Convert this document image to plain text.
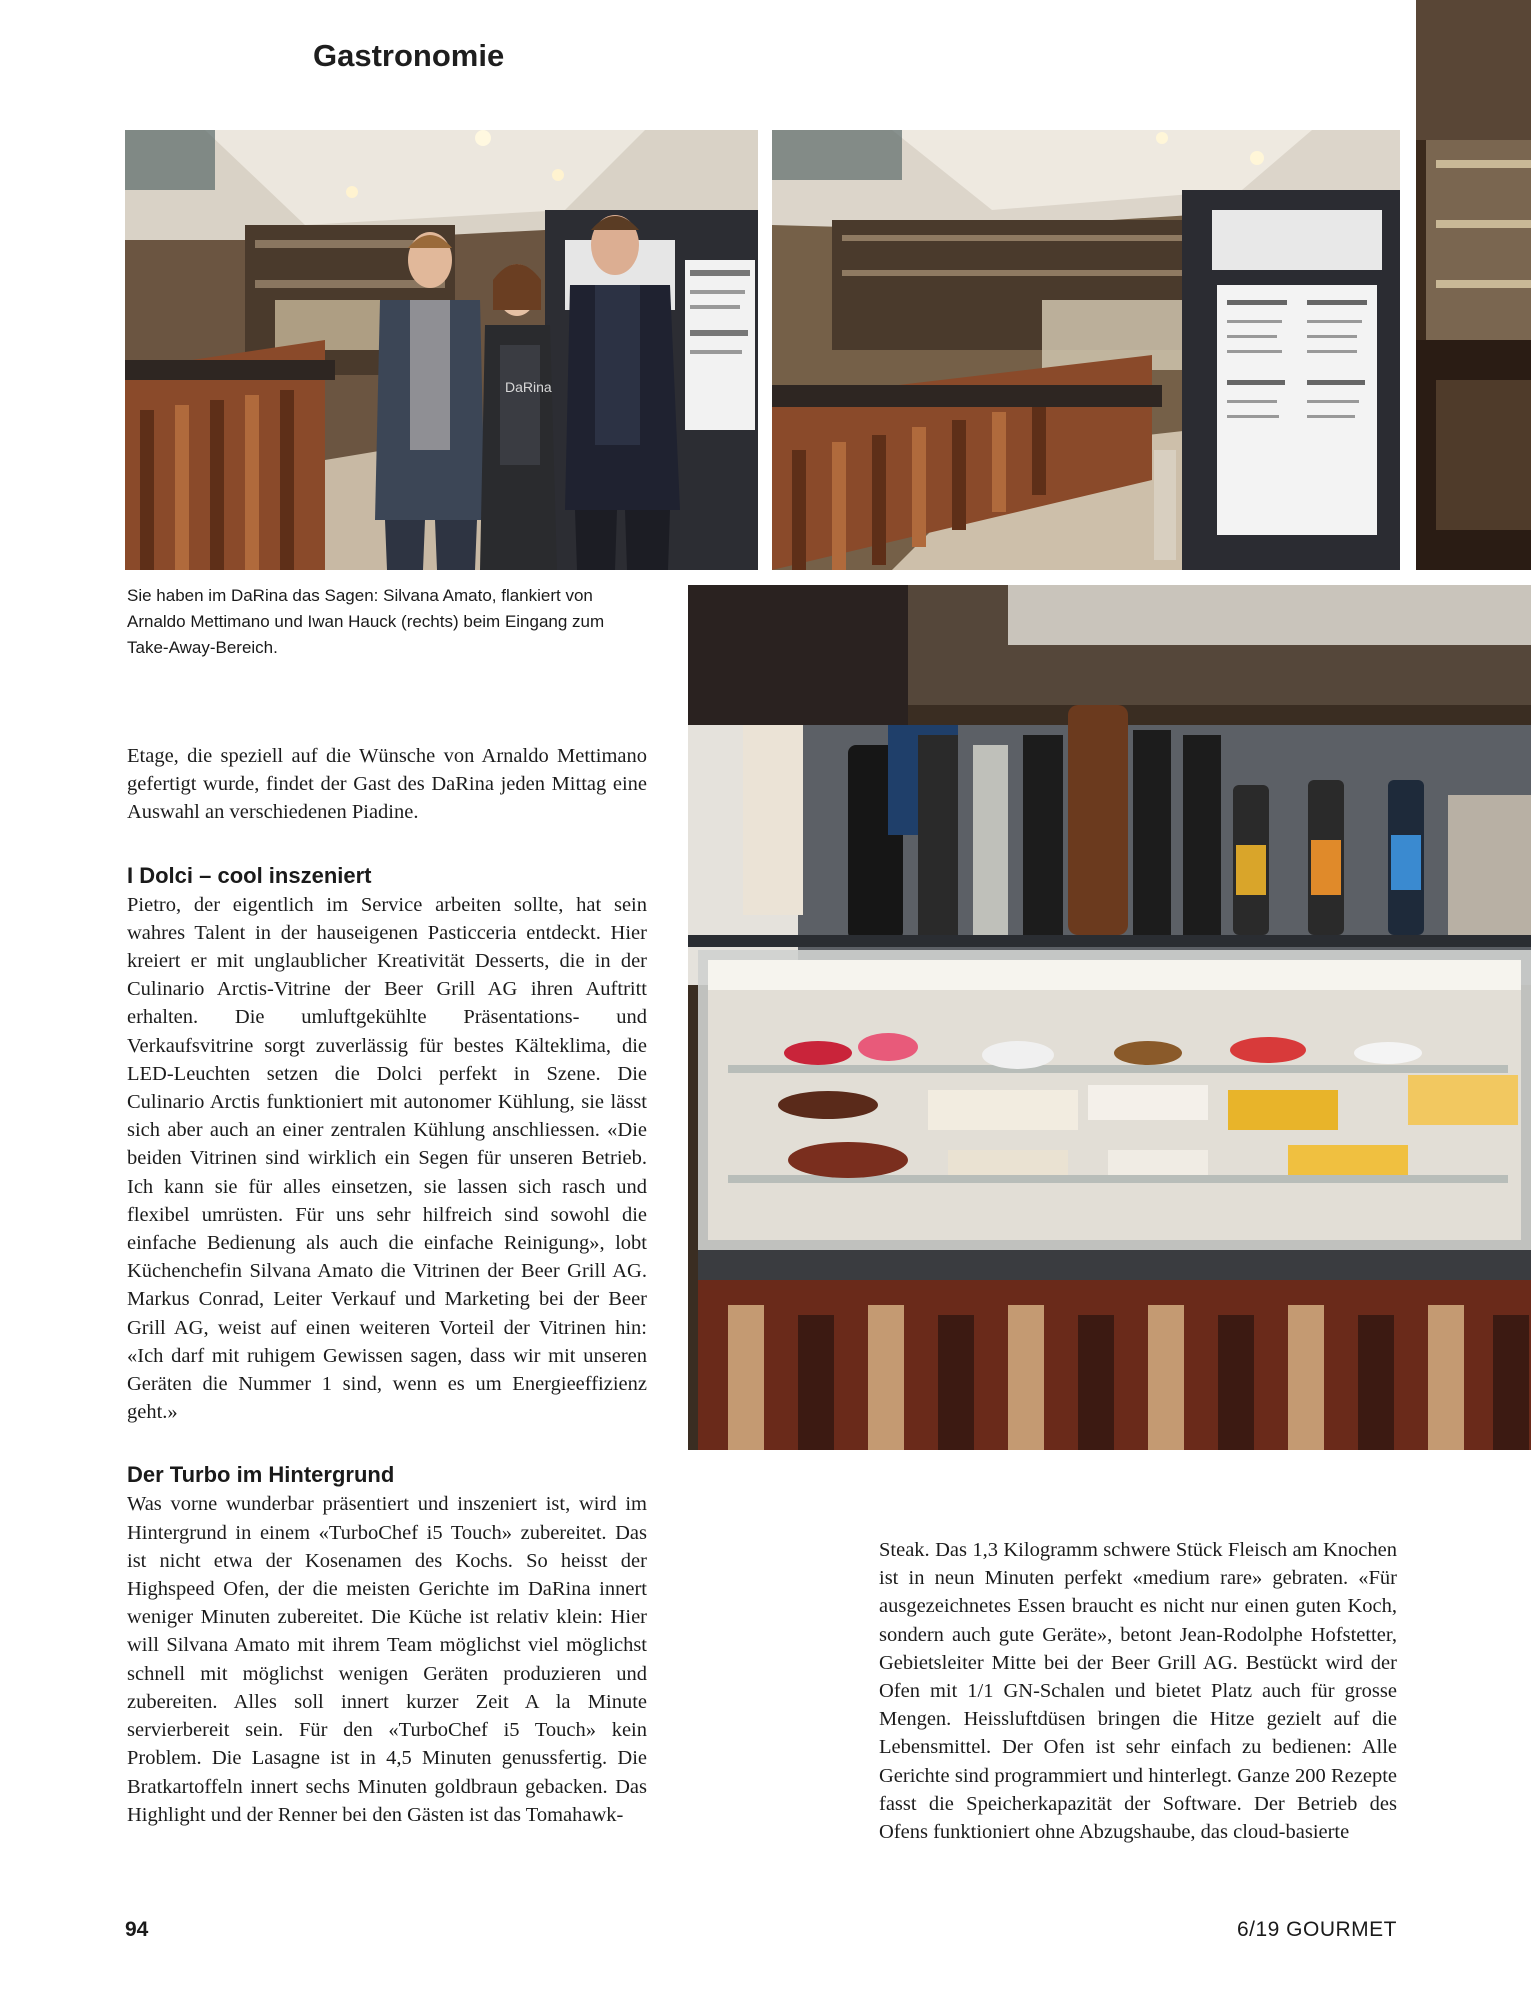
Gastronomie
DaRina
Sie haben im DaRina das Sagen: Silvana Amato, flankiert von Arnaldo Mettimano und Iwan Hauck (rechts) beim Eingang zum Take-Away-Bereich.

Etage, die speziell auf die Wünsche von Arnaldo Mettimano gefertigt wurde, findet der Gast des DaRina jeden Mittag eine Auswahl an verschiedenen Piadine.

I Dolci – cool inszeniert

Pietro, der eigentlich im Service arbeiten sollte, hat sein wahres Talent in der hauseigenen Pasticceria entdeckt. Hier kreiert er mit unglaublicher Kreativität Desserts, die in der Culinario Arctis-Vitrine der Beer Grill AG ihren Auftritt erhalten. Die umluftgekühlte Präsentations- und Verkaufsvitrine sorgt zuverlässig für bestes Kälteklima, die LED-Leuchten setzen die Dolci perfekt in Szene. Die Culinario Arctis funktioniert mit autonomer Kühlung, sie lässt sich aber auch an einer zentralen Kühlung anschliessen. «Die beiden Vitrinen sind wirklich ein Segen für unseren Betrieb. Ich kann sie für alles einsetzen, sie lassen sich rasch und flexibel umrüsten. Für uns sehr hilfreich sind sowohl die einfache Bedienung als auch die einfache Reinigung», lobt Küchenchefin Silvana Amato die Vitrinen der Beer Grill AG. Markus Conrad, Leiter Verkauf und Marketing bei der Beer Grill AG, weist auf einen weiteren Vorteil der Vitrinen hin: «Ich darf mit ruhigem Gewissen sagen, dass wir mit unseren Geräten die Nummer 1 sind, wenn es um Energieeffizienz geht.»

Der Turbo im Hintergrund

Was vorne wunderbar präsentiert und inszeniert ist, wird im Hintergrund in einem «TurboChef i5 Touch» zubereitet. Das ist nicht etwa der Kosenamen des Kochs. So heisst der Highspeed Ofen, der die meisten Gerichte im DaRina innert weniger Minuten zubereitet. Die Küche ist relativ klein: Hier will Silvana Amato mit ihrem Team möglichst viel möglichst schnell mit möglichst wenigen Geräten produzieren und zubereiten. Alles soll innert kurzer Zeit A la Minute servierbereit sein. Für den «TurboChef i5 Touch» kein Problem. Die Lasagne ist in 4,5 Minuten genussfertig. Die Bratkartoffeln innert sechs Minuten goldbraun gebacken. Das Highlight und der Renner bei den Gästen ist das Tomahawk-

Steak. Das 1,3 Kilogramm schwere Stück Fleisch am Knochen ist in neun Minuten perfekt «medium rare» gebraten. «Für ausgezeichnetes Essen braucht es nicht nur einen guten Koch, sondern auch gute Geräte», betont Jean-Rodolphe Hofstetter, Gebietsleiter Mitte bei der Beer Grill AG. Bestückt wird der Ofen mit 1/1 GN-Schalen und bietet Platz auch für grosse Mengen. Heissluftdüsen bringen die Hitze gezielt auf die Lebensmittel. Der Ofen ist sehr einfach zu bedienen: Alle Gerichte sind programmiert und hinterlegt. Ganze 200 Rezepte fasst die Speicherkapazität der Software. Der Betrieb des Ofens funktioniert ohne Abzugshaube, das cloud-basierte

94	6/19 GOURMET
